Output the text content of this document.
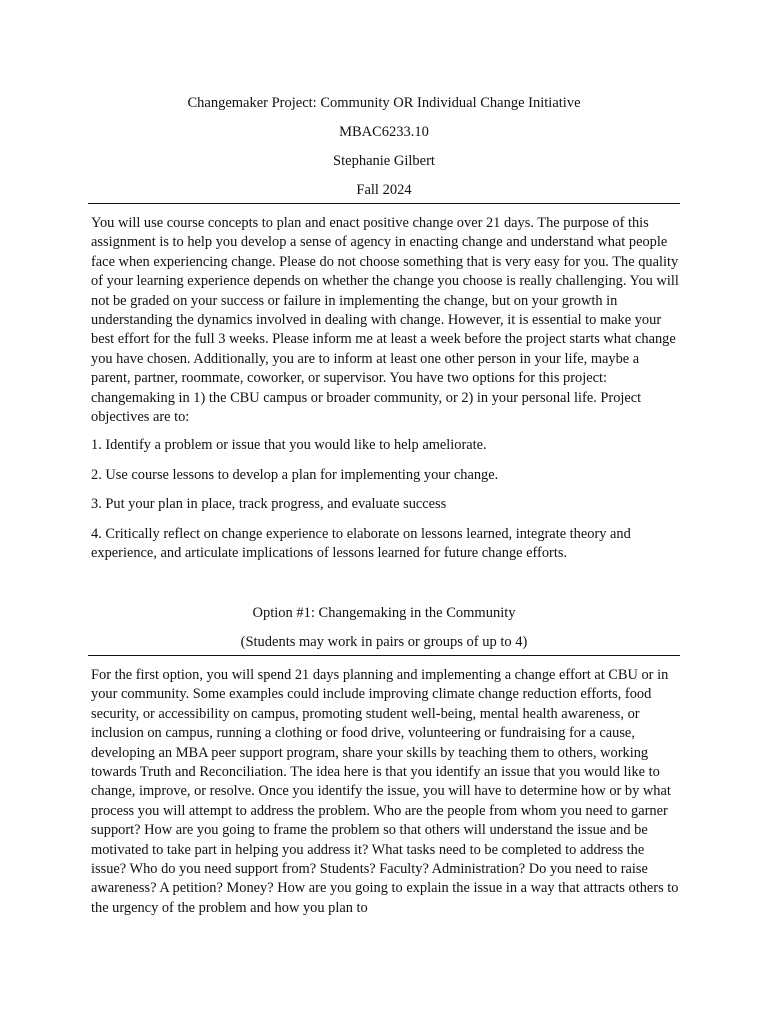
Changemaker Project: Community OR Individual Change Initiative

MBAC6233.10

Stephanie Gilbert

Fall 2024

You will use course concepts to plan and enact positive change over 21 days. The purpose of this assignment is to help you develop a sense of agency in enacting change and understand what people face when experiencing change. Please do not choose something that is very easy for you. The quality of your learning experience depends on whether the change you choose is really challenging. You will not be graded on your success or failure in implementing the change, but on your growth in understanding the dynamics involved in dealing with change. However, it is essential to make your best effort for the full 3 weeks. Please inform me at least a week before the project starts what change you have chosen. Additionally, you are to inform at least one other person in your life, maybe a parent, partner, roommate, coworker, or supervisor. You have two options for this project: changemaking in 1) the CBU campus or broader community, or 2) in your personal life. Project objectives are to:

1. Identify a problem or issue that you would like to help ameliorate.

2. Use course lessons to develop a plan for implementing your change.

3. Put your plan in place, track progress, and evaluate success

4. Critically reflect on change experience to elaborate on lessons learned, integrate theory and experience, and articulate implications of lessons learned for future change efforts.

Option #1: Changemaking in the Community

(Students may work in pairs or groups of up to 4)

For the first option, you will spend 21 days planning and implementing a change effort at CBU or in your community. Some examples could include improving climate change reduction efforts, food security, or accessibility on campus, promoting student well-being, mental health awareness, or inclusion on campus, running a clothing or food drive, volunteering or fundraising for a cause, developing an MBA peer support program, share your skills by teaching them to others, working towards Truth and Reconciliation. The idea here is that you identify an issue that you would like to change, improve, or resolve. Once you identify the issue, you will have to determine how or by what process you will attempt to address the problem. Who are the people from whom you need to garner support? How are you going to frame the problem so that others will understand the issue and be motivated to take part in helping you address it? What tasks need to be completed to address the issue? Who do you need support from? Students? Faculty? Administration? Do you need to raise awareness? A petition? Money? How are you going to explain the issue in a way that attracts others to the urgency of the problem and how you plan to
